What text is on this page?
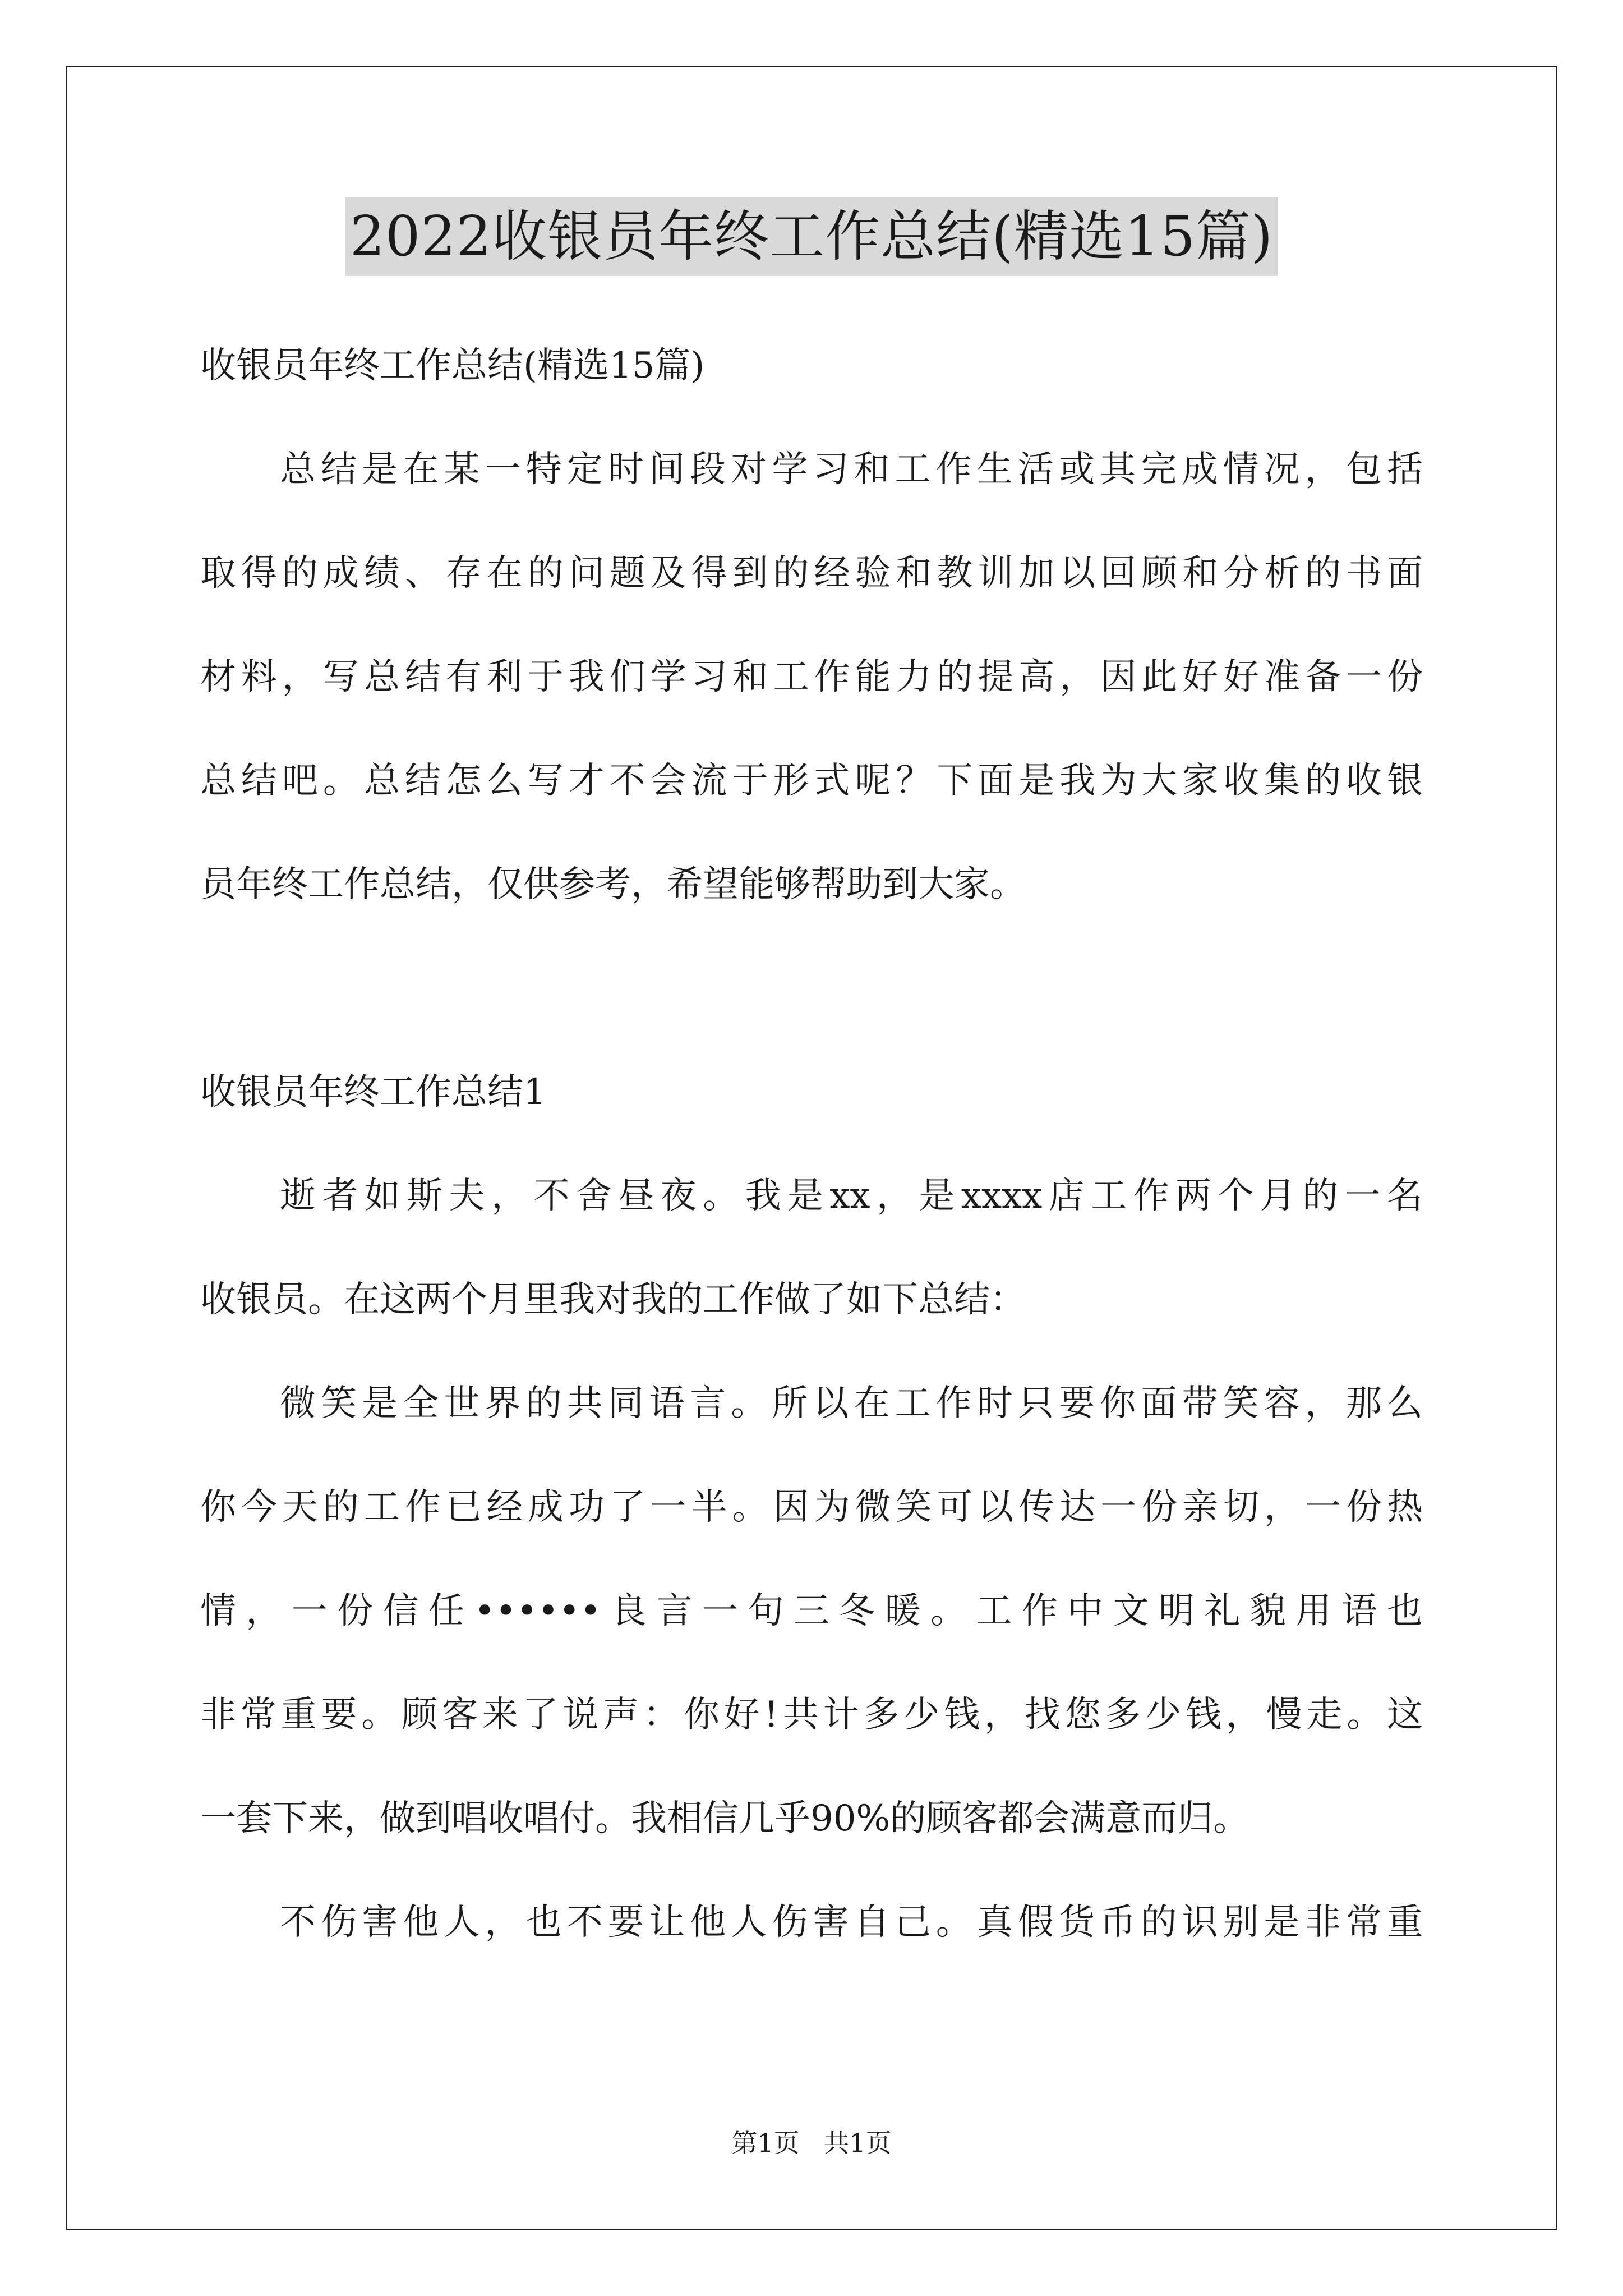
2022收银员年终工作总结(精选15篇)
收银员年终工作总结(精选15篇)
总结是在某一特定时间段对学习和工作生活或其完成情况，包括
取得的成绩、存在的问题及得到的经验和教训加以回顾和分析的书面
材料，写总结有利于我们学习和工作能力的提高，因此好好准备一份
总结吧。总结怎么写才不会流于形式呢？下面是我为大家收集的收银
员年终工作总结，仅供参考，希望能够帮助到大家。
收银员年终工作总结1
逝者如斯夫，不舍昼夜。我是xx，是xxxx店工作两个月的一名
收银员。在这两个月里我对我的工作做了如下总结：
微笑是全世界的共同语言。所以在工作时只要你面带笑容，那么
你今天的工作已经成功了一半。因为微笑可以传达一份亲切，一份热
情，一份信任••••••良言一句三冬暖。工作中文明礼貌用语也
非常重要。顾客来了说声：你好!共计多少钱，找您多少钱，慢走。这
一套下来，做到唱收唱付。我相信几乎90%的顾客都会满意而归。
不伤害他人，也不要让他人伤害自己。真假货币的识别是非常重
第1页 共1页
